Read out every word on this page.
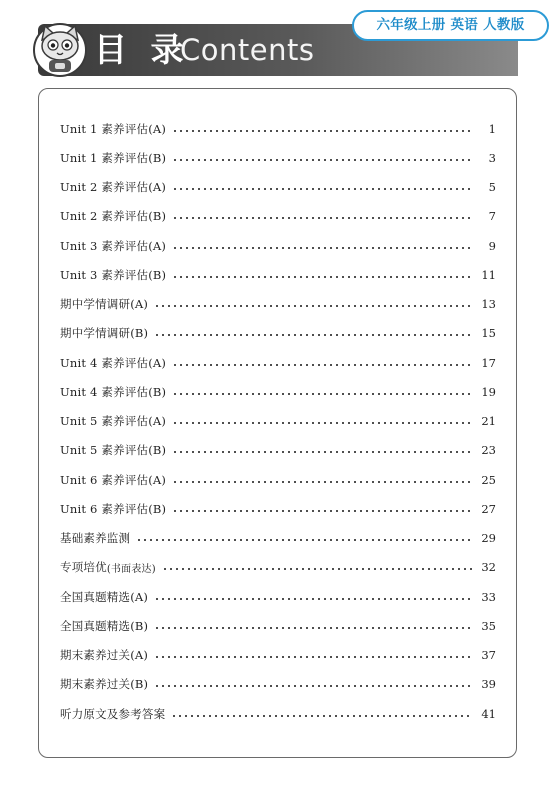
目 录
Contents
六年级上册 英语 人教版
Unit 1 素养评估(A)	1
Unit 1 素养评估(B)	3
Unit 2 素养评估(A)	5
Unit 2 素养评估(B)	7
Unit 3 素养评估(A)	9
Unit 3 素养评估(B)	11
期中学情调研(A)	13
期中学情调研(B)	15
Unit 4 素养评估(A)	17
Unit 4 素养评估(B)	19
Unit 5 素养评估(A)	21
Unit 5 素养评估(B)	23
Unit 6 素养评估(A)	25
Unit 6 素养评估(B)	27
基础素养监测	29
专项培优 (书面表达)	32
全国真题精选(A)	33
全国真题精选(B)	35
期末素养过关(A)	37
期末素养过关(B)	39
听力原文及参考答案	41
